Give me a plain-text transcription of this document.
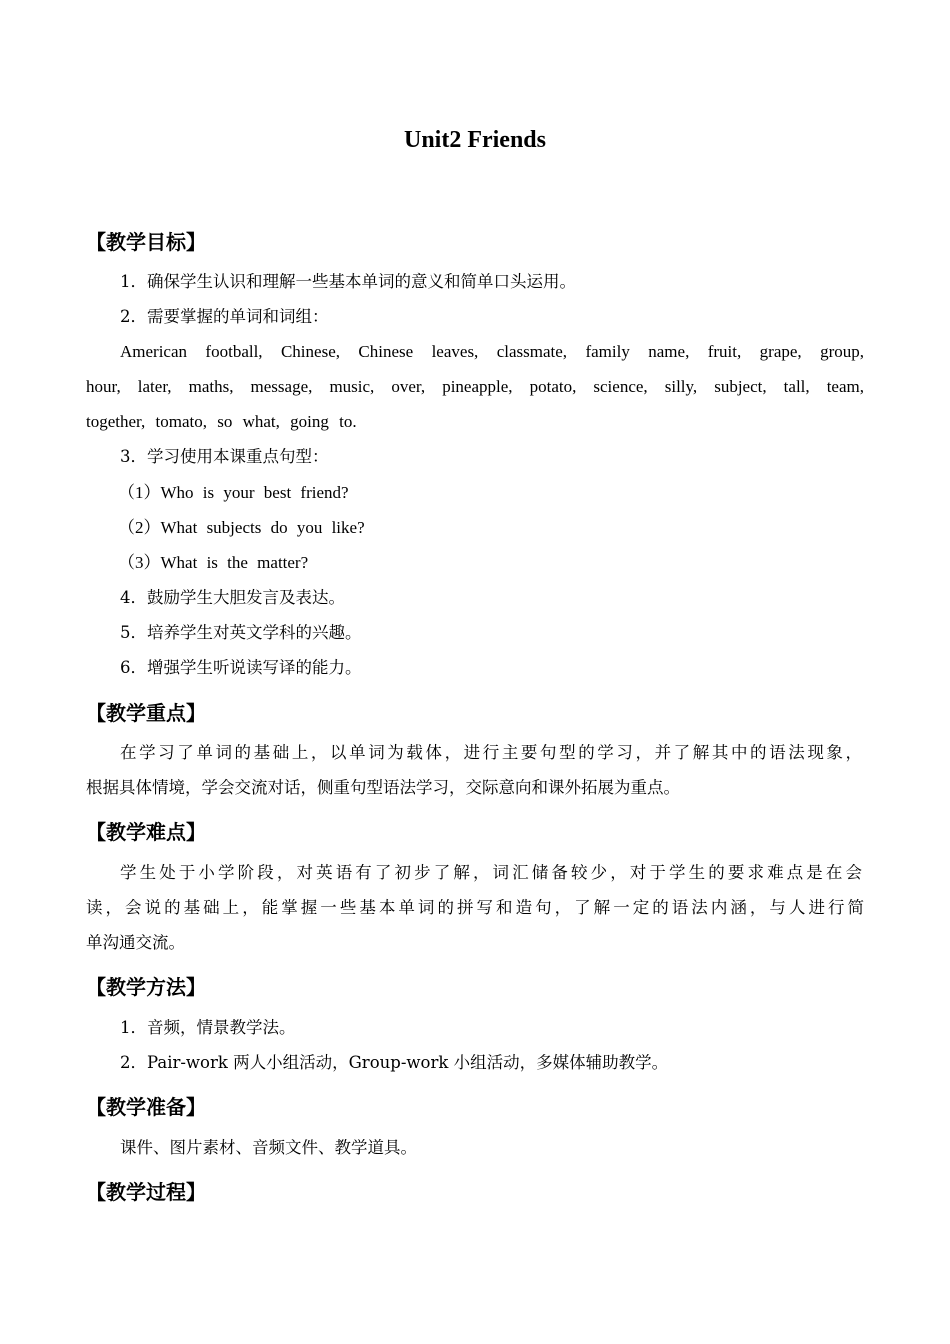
Unit2 Friends
【教学目标】
1．确保学生认识和理解一些基本单词的意义和简单口头运用。
2．需要掌握的单词和词组：
American football, Chinese, Chinese leaves, classmate, family name, fruit, grape, group,
hour, later, maths, message, music, over, pineapple, potato, science, silly, subject, tall, team,
together, tomato, so what, going to.
3．学习使用本课重点句型：
（1）Who is your best friend?
（2）What subjects do you like?
（3）What is the matter?
4．鼓励学生大胆发言及表达。
5．培养学生对英文学科的兴趣。
6．增强学生听说读写译的能力。
【教学重点】
在学习了单词的基础上，以单词为载体，进行主要句型的学习，并了解其中的语法现象，
根据具体情境，学会交流对话，侧重句型语法学习，交际意向和课外拓展为重点。
【教学难点】
学生处于小学阶段，对英语有了初步了解，词汇储备较少，对于学生的要求难点是在会
读，会说的基础上，能掌握一些基本单词的拼写和造句，了解一定的语法内涵，与人进行简
单沟通交流。
【教学方法】
1．音频，情景教学法。
2．Pair-work 两人小组活动，Group-work 小组活动，多媒体辅助教学。
【教学准备】
课件、图片素材、音频文件、教学道具。
【教学过程】
